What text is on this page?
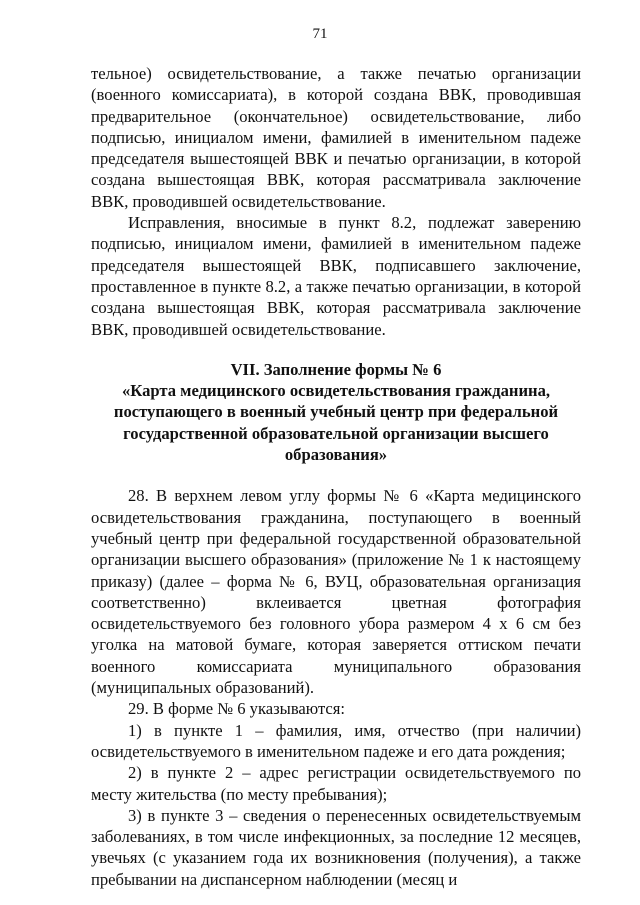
71

тельное) освидетельствование, а также печатью организации (военного комиссариата), в которой создана ВВК, проводившая предварительное (окончательное) освидетельствование, либо подписью, инициалом имени, фамилией в именительном падеже председателя вышестоящей ВВК и печатью организации, в которой создана вышестоящая ВВК, которая рассматривала заключение ВВК, проводившей освидетельствование.

Исправления, вносимые в пункт 8.2, подлежат заверению подписью, инициалом имени, фамилией в именительном падеже председателя вышестоящей ВВК, подписавшего заключение, проставленное в пункте 8.2, а также печатью организации, в которой создана вышестоящая ВВК, которая рассматривала заключение ВВК, проводившей освидетельствование.

VII. Заполнение формы № 6

«Карта медицинского освидетельствования гражданина, поступающего в военный учебный центр при федеральной государственной образовательной организации высшего образования»

28. В верхнем левом углу формы № 6 «Карта медицинского освидетельствования гражданина, поступающего в военный учебный центр при федеральной государственной образовательной организации высшего образования» (приложение № 1 к настоящему приказу) (далее – форма № 6, ВУЦ, образовательная организация соответственно) вклеивается цветная фотография освидетельствуемого без головного убора размером 4 х 6 см без уголка на матовой бумаге, которая заверяется оттиском печати военного комиссариата муниципального образования (муниципальных образований).

29. В форме № 6 указываются:

1) в пункте 1 – фамилия, имя, отчество (при наличии) освидетельствуемого в именительном падеже и его дата рождения;

2) в пункте 2 – адрес регистрации освидетельствуемого по месту жительства (по месту пребывания);

3) в пункте 3 – сведения о перенесенных освидетельствуемым заболеваниях, в том числе инфекционных, за последние 12 месяцев, увечьях (с указанием года их возникновения (получения), а также пребывании на диспансерном наблюдении (месяц и
